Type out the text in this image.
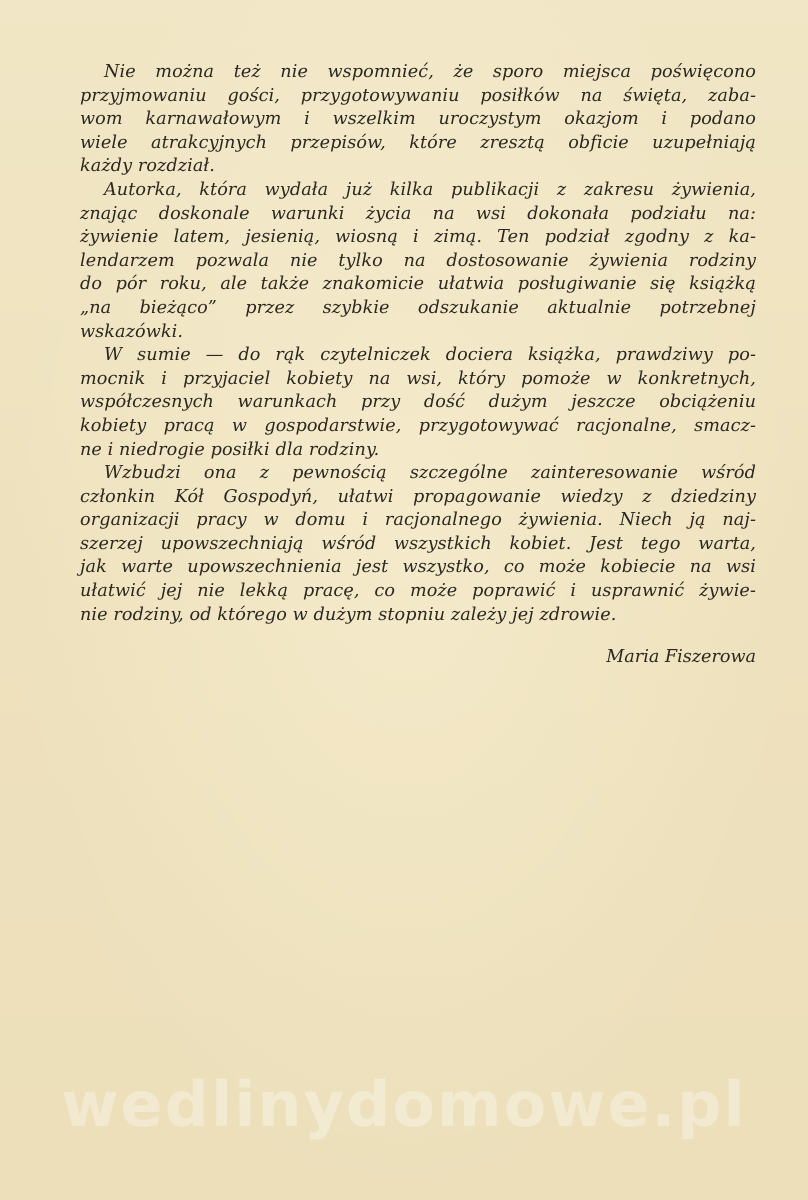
Nie można też nie wspomnieć, że sporo miejsca poświęcono
przyjmowaniu gości, przygotowywaniu posiłków na święta, zaba-
wom karnawałowym i wszelkim uroczystym okazjom i podano
wiele atrakcyjnych przepisów, które zresztą obficie uzupełniają
każdy rozdział.
Autorka, która wydała już kilka publikacji z zakresu żywienia,
znając doskonale warunki życia na wsi dokonała podziału na:
żywienie latem, jesienią, wiosną i zimą. Ten podział zgodny z ka-
lendarzem pozwala nie tylko na dostosowanie żywienia rodziny
do pór roku, ale także znakomicie ułatwia posługiwanie się książką
„na bieżąco” przez szybkie odszukanie aktualnie potrzebnej
wskazówki.
W sumie — do rąk czytelniczek dociera książka, prawdziwy po-
mocnik i przyjaciel kobiety na wsi, który pomoże w konkretnych,
współczesnych warunkach przy dość dużym jeszcze obciążeniu
kobiety pracą w gospodarstwie, przygotowywać racjonalne, smacz-
ne i niedrogie posiłki dla rodziny.
Wzbudzi ona z pewnością szczególne zainteresowanie wśród
członkin Kół Gospodyń, ułatwi propagowanie wiedzy z dziedziny
organizacji pracy w domu i racjonalnego żywienia. Niech ją naj-
szerzej upowszechniają wśród wszystkich kobiet. Jest tego warta,
jak warte upowszechnienia jest wszystko, co może kobiecie na wsi
ułatwić jej nie lekką pracę, co może poprawić i usprawnić żywie-
nie rodziny, od którego w dużym stopniu zależy jej zdrowie.
Maria Fiszerowa
wedlinydomowe.pl
